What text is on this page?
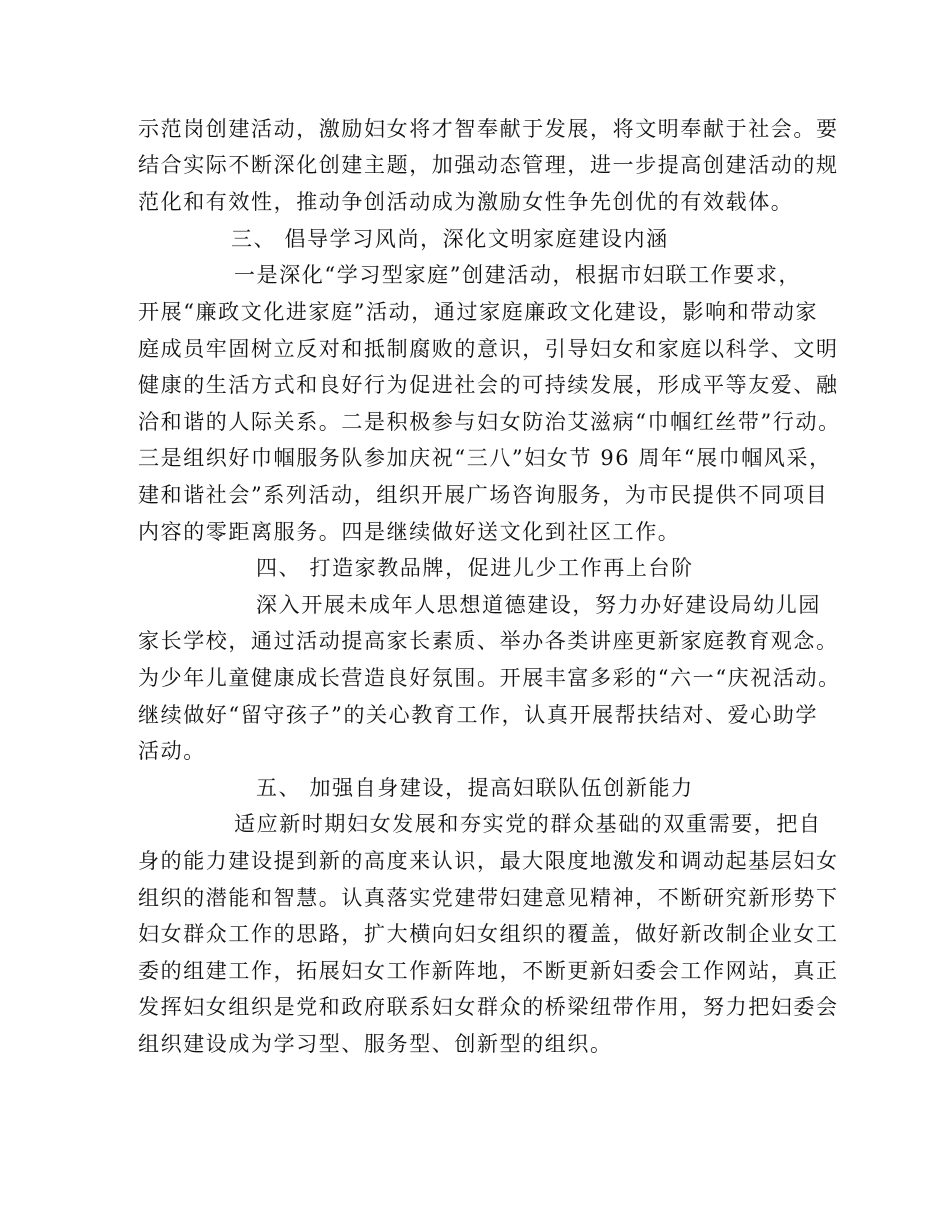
示范岗创建活动，激励妇女将才智奉献于发展，将文明奉献于社会。要
结合实际不断深化创建主题，加强动态管理，进一步提高创建活动的规
范化和有效性，推动争创活动成为激励女性争先创优的有效载体。
三、 倡导学习风尚，深化文明家庭建设内涵
一是深化“学习型家庭”创建活动，根据市妇联工作要求，
开展“廉政文化进家庭”活动，通过家庭廉政文化建设，影响和带动家
庭成员牢固树立反对和抵制腐败的意识，引导妇女和家庭以科学、文明
健康的生活方式和良好行为促进社会的可持续发展，形成平等友爱、融
洽和谐的人际关系。二是积极参与妇女防治艾滋病“巾帼红丝带”行动。
三是组织好巾帼服务队参加庆祝“三八”妇女节 96 周年“展巾帼风采，
建和谐社会”系列活动，组织开展广场咨询服务，为市民提供不同项目
内容的零距离服务。四是继续做好送文化到社区工作。
四、 打造家教品牌，促进儿少工作再上台阶
深入开展未成年人思想道德建设，努力办好建设局幼儿园
家长学校，通过活动提高家长素质、举办各类讲座更新家庭教育观念。
为少年儿童健康成长营造良好氛围。开展丰富多彩的“六一“庆祝活动。
继续做好“留守孩子”的关心教育工作，认真开展帮扶结对、爱心助学
活动。
五、 加强自身建设，提高妇联队伍创新能力
适应新时期妇女发展和夯实党的群众基础的双重需要，把自
身的能力建设提到新的高度来认识，最大限度地激发和调动起基层妇女
组织的潜能和智慧。认真落实党建带妇建意见精神，不断研究新形势下
妇女群众工作的思路，扩大横向妇女组织的覆盖，做好新改制企业女工
委的组建工作，拓展妇女工作新阵地，不断更新妇委会工作网站，真正
发挥妇女组织是党和政府联系妇女群众的桥梁纽带作用，努力把妇委会
组织建设成为学习型、服务型、创新型的组织。
